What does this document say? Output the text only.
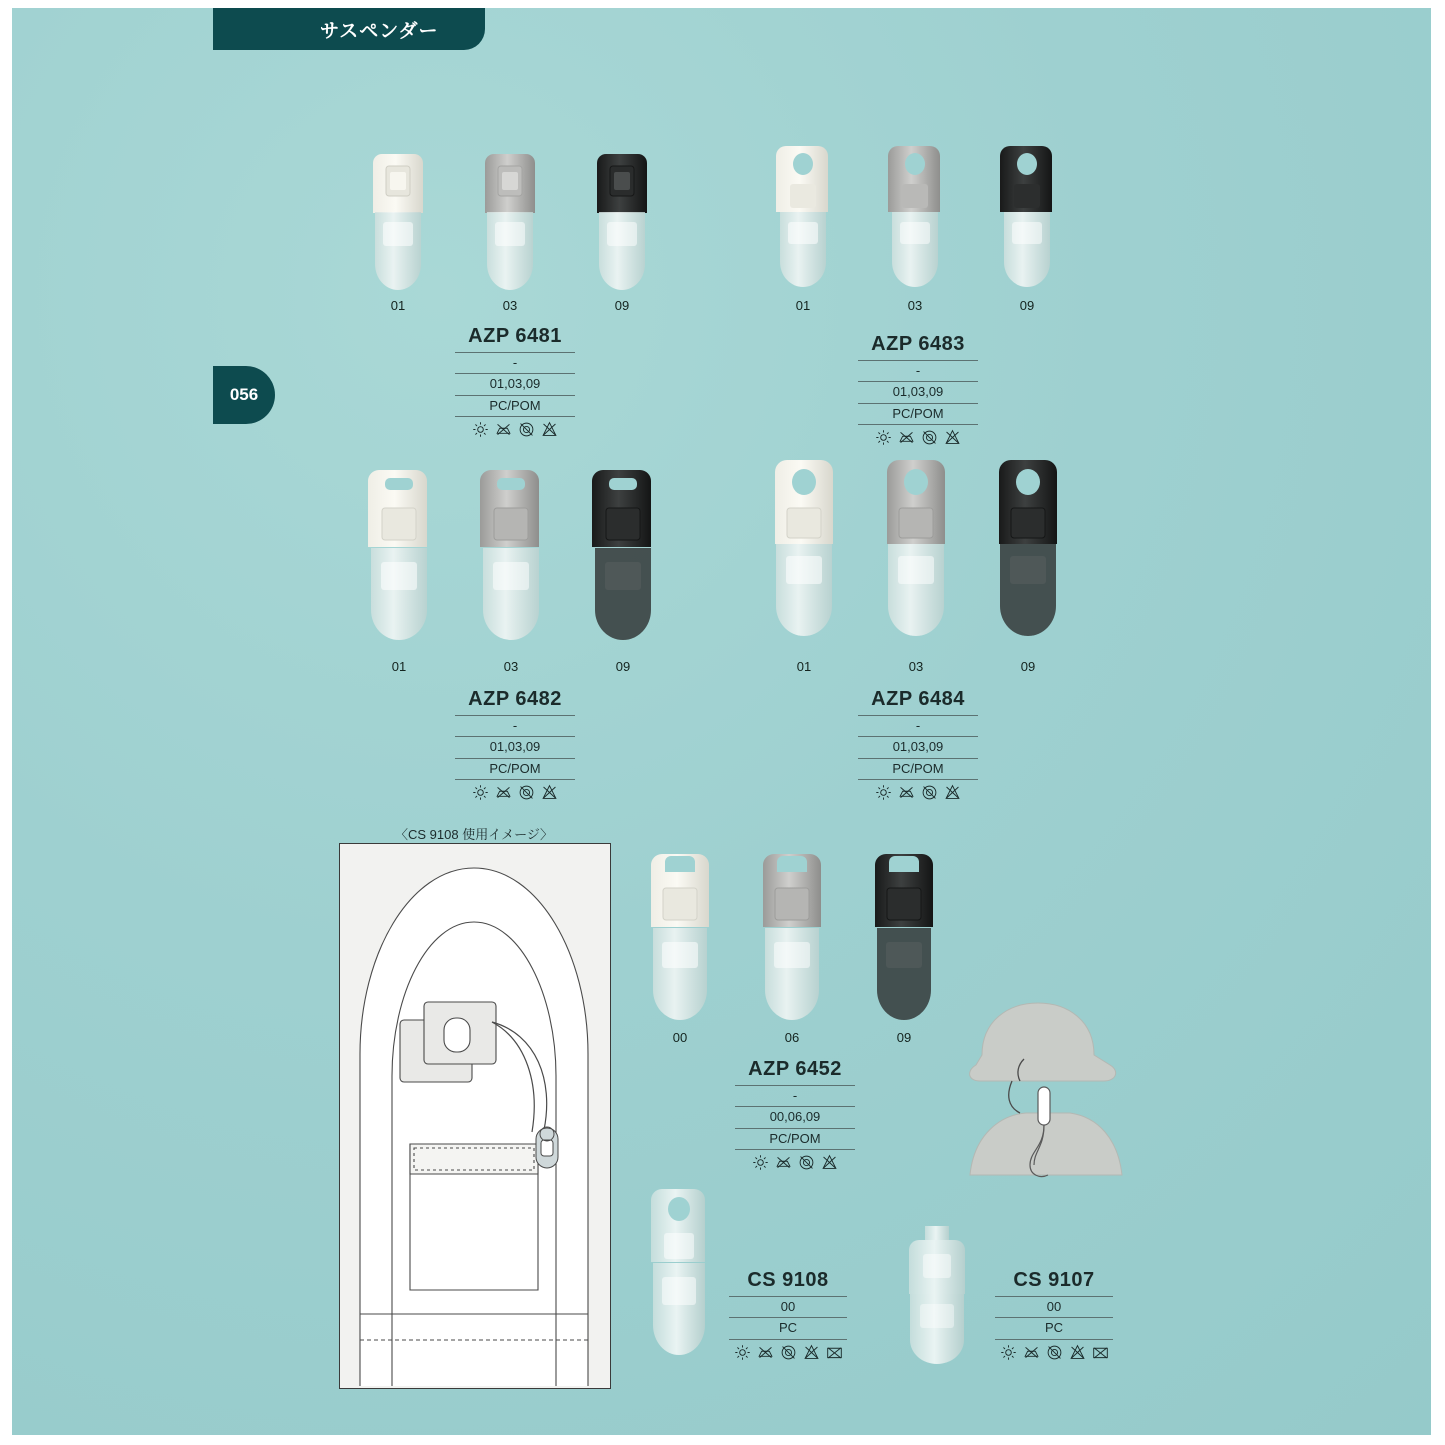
サスペンダー
056
01	03	09
AZP 6481
-
01,03,09
PC/POM
01	03	09
AZP 6483
-
01,03,09
PC/POM
01	03	09
AZP 6482
-
01,03,09
PC/POM
01	03	09
AZP 6484
-
01,03,09
PC/POM
〈CS 9108 使用イメージ〉
00	06	09
AZP 6452
-
00,06,09
PC/POM
CS 9108
00
PC
CS 9107
00
PC
